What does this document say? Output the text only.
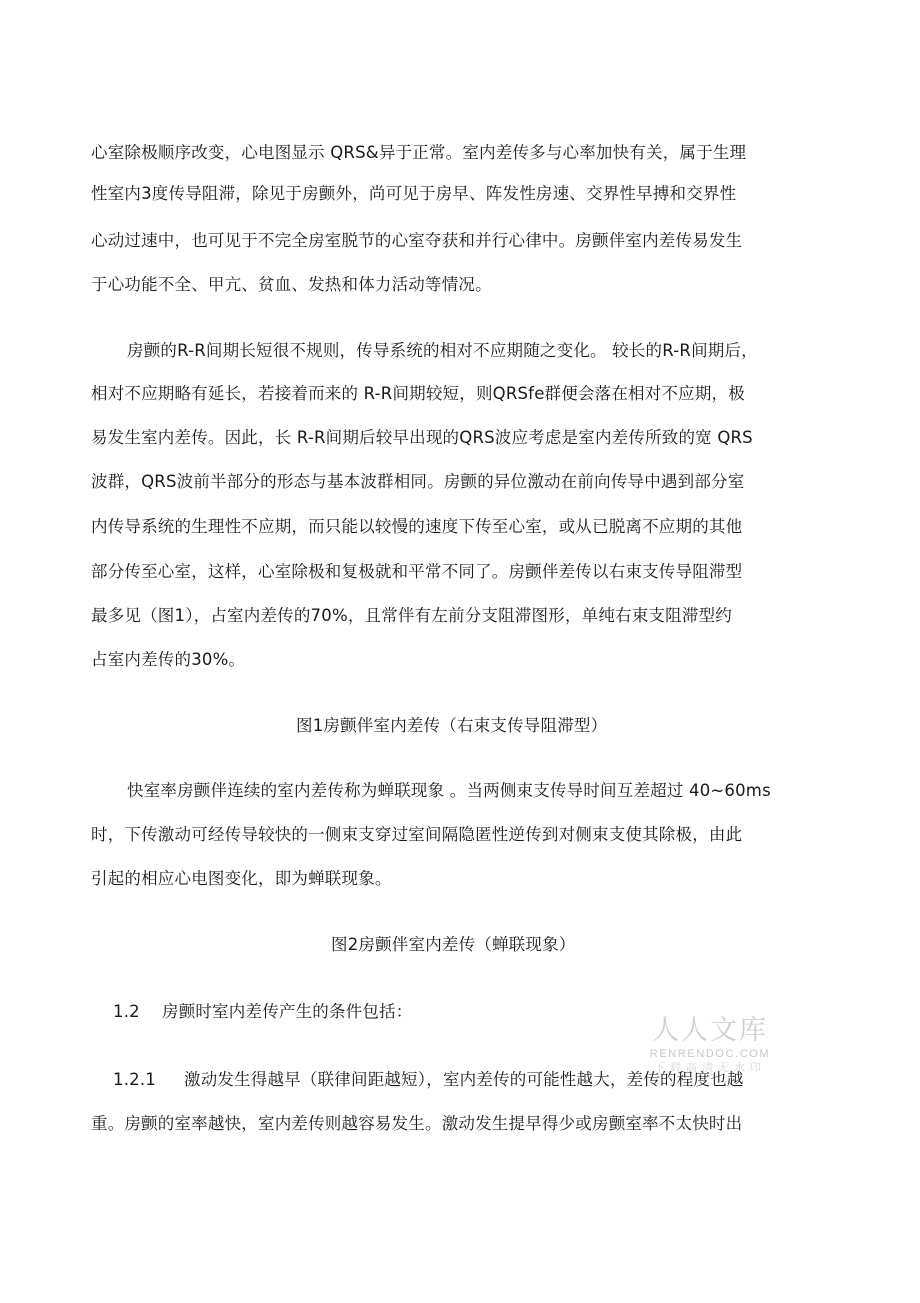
心室除极顺序改变，心电图显示 QRS&异于正常。室内差传多与心率加快有关，属于生理
性室内3度传导阻滞，除见于房颤外，尚可见于房早、阵发性房速、交界性早搏和交界性
心动过速中，也可见于不完全房室脱节的心室夺获和并行心律中。房颤伴室内差传易发生
于心功能不全、甲亢、贫血、发热和体力活动等情况。
房颤的R-R间期长短很不规则，传导系统的相对不应期随之变化。 较长的R-R间期后，
相对不应期略有延长，若接着而来的 R-R间期较短，则QRSfe群便会落在相对不应期，极
易发生室内差传。因此，长 R-R间期后较早出现的QRS波应考虑是室内差传所致的宽 QRS
波群，QRS波前半部分的形态与基本波群相同。房颤的异位激动在前向传导中遇到部分室
内传导系统的生理性不应期，而只能以较慢的速度下传至心室，或从已脱离不应期的其他
部分传至心室，这样，心室除极和复极就和平常不同了。房颤伴差传以右束支传导阻滞型
最多见（图1），占室内差传的70%，且常伴有左前分支阻滞图形，单纯右束支阻滞型约
占室内差传的30%。
图1房颤伴室内差传（右束支传导阻滞型）
快室率房颤伴连续的室内差传称为蝉联现象 。当两侧束支传导时间互差超过 40~60ms
时，下传激动可经传导较快的一侧束支穿过室间隔隐匿性逆传到对侧束支使其除极，由此
引起的相应心电图变化，即为蝉联现象。
图2房颤伴室内差传（蝉联现象）
1.2 房颤时室内差传产生的条件包括：
1.2.1 激动发生得越早（联律间距越短），室内差传的可能性越大，差传的程度也越
重。房颤的室率越快，室内差传则越容易发生。激动发生提早得少或房颤室率不太快时出
人人文库
RENRENDOC.COM
下载高清无水印
